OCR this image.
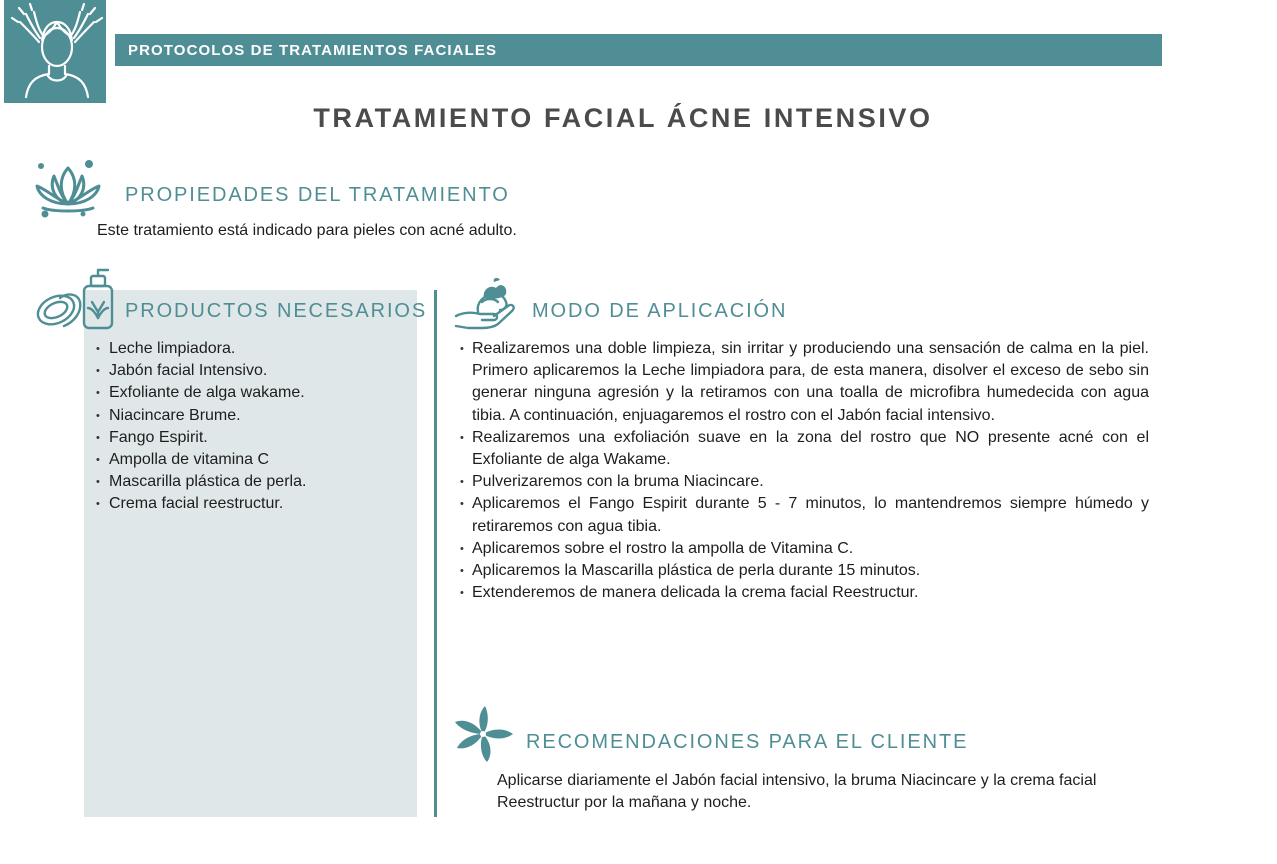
PROTOCOLOS DE TRATAMIENTOS FACIALES
TRATAMIENTO FACIAL ÁCNE INTENSIVO
PROPIEDADES DEL TRATAMIENTO
Este tratamiento está indicado para pieles con acné adulto.
PRODUCTOS NECESARIOS
• Leche limpiadora.
• Jabón facial Intensivo.
• Exfoliante de alga wakame.
• Niacincare Brume.
• Fango Espirit.
• Ampolla de vitamina C
• Mascarilla plástica de perla.
• Crema facial reestructur.
MODO DE APLICACIÓN
• Realizaremos una doble limpieza, sin irritar y produciendo una sensación de calma en la piel. Primero aplicaremos la Leche limpiadora para, de esta manera, disolver el exceso de sebo sin generar ninguna agresión y la retiramos con una toalla de microfibra humedecida con agua tibia. A continuación, enjuagaremos el rostro con el Jabón facial intensivo.
• Realizaremos una exfoliación suave en la zona del rostro que NO presente acné con el Exfoliante de alga Wakame.
• Pulverizaremos con la bruma Niacincare.
• Aplicaremos el Fango Espirit durante 5 - 7 minutos, lo mantendremos siempre húmedo y retiraremos con agua tibia.
• Aplicaremos sobre el rostro la ampolla de Vitamina C.
• Aplicaremos la Mascarilla plástica de perla durante 15 minutos.
• Extenderemos de manera delicada la crema facial Reestructur.
RECOMENDACIONES PARA EL CLIENTE
Aplicarse diariamente el Jabón facial intensivo, la bruma Niacincare y la crema facial Reestructur por la mañana y noche.
